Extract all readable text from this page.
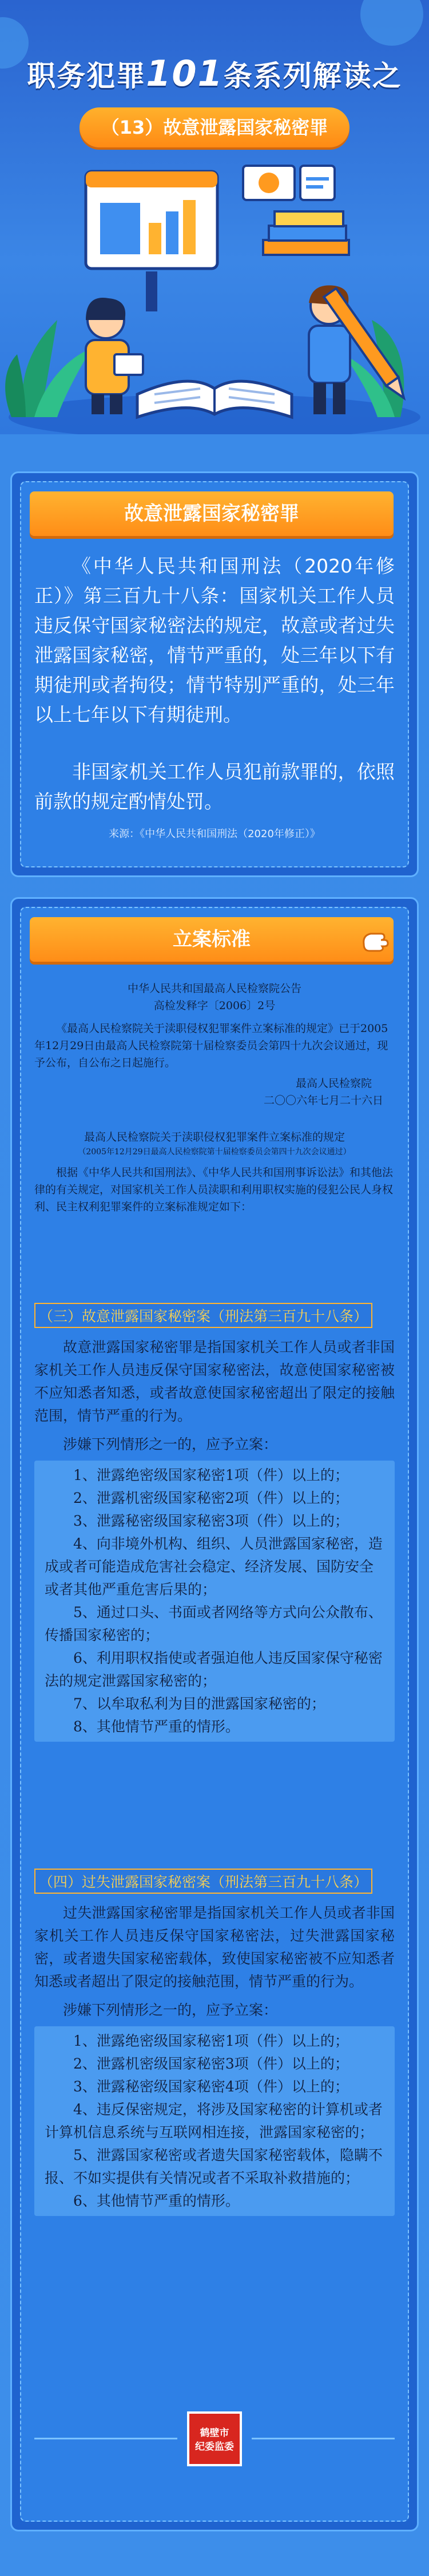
职务犯罪101条系列解读之
（13）故意泄露国家秘密罪
故意泄露国家秘密罪
《中华人民共和国刑法（2020年修正）》第三百九十八条：国家机关工作人员违反保守国家秘密法的规定，故意或者过失泄露国家秘密，情节严重的，处三年以下有期徒刑或者拘役；情节特别严重的，处三年以上七年以下有期徒刑。
非国家机关工作人员犯前款罪的，依照前款的规定酌情处罚。
来源：《中华人民共和国刑法（2020年修正）》
立案标准

中华人民共和国最高人民检察院公告

高检发释字〔2006〕2号

《最高人民检察院关于渎职侵权犯罪案件立案标准的规定》已于2005年12月29日由最高人民检察院第十届检察委员会第四十九次会议通过，现予公布，自公布之日起施行。

最高人民检察院

二〇〇六年七月二十六日

最高人民检察院关于渎职侵权犯罪案件立案标准的规定

（2005年12月29日最高人民检察院第十届检察委员会第四十九次会议通过）

根据《中华人民共和国刑法》、《中华人民共和国刑事诉讼法》和其他法律的有关规定，对国家机关工作人员渎职和利用职权实施的侵犯公民人身权利、民主权利犯罪案件的立案标准规定如下：

（三）故意泄露国家秘密案（刑法第三百九十八条）

故意泄露国家秘密罪是指国家机关工作人员或者非国家机关工作人员违反保守国家秘密法，故意使国家秘密被不应知悉者知悉，或者故意使国家秘密超出了限定的接触范围，情节严重的行为。

涉嫌下列情形之一的，应予立案：

1、泄露绝密级国家秘密1项（件）以上的；

2、泄露机密级国家秘密2项（件）以上的；

3、泄露秘密级国家秘密3项（件）以上的；

4、向非境外机构、组织、人员泄露国家秘密，造成或者可能造成危害社会稳定、经济发展、国防安全或者其他严重危害后果的；

5、通过口头、书面或者网络等方式向公众散布、传播国家秘密的；

6、利用职权指使或者强迫他人违反国家保守秘密法的规定泄露国家秘密的；

7、以牟取私利为目的泄露国家秘密的；

8、其他情节严重的情形。

（四）过失泄露国家秘密案（刑法第三百九十八条）

过失泄露国家秘密罪是指国家机关工作人员或者非国家机关工作人员违反保守国家秘密法，过失泄露国家秘密，或者遗失国家秘密载体，致使国家秘密被不应知悉者知悉或者超出了限定的接触范围，情节严重的行为。

涉嫌下列情形之一的，应予立案：

1、泄露绝密级国家秘密1项（件）以上的；

2、泄露机密级国家秘密3项（件）以上的；

3、泄露秘密级国家秘密4项（件）以上的；

4、违反保密规定，将涉及国家秘密的计算机或者计算机信息系统与互联网相连接，泄露国家秘密的；

5、泄露国家秘密或者遗失国家秘密载体，隐瞒不报、不如实提供有关情况或者不采取补救措施的；

6、其他情节严重的情形。

鹤壁市
纪委监委
